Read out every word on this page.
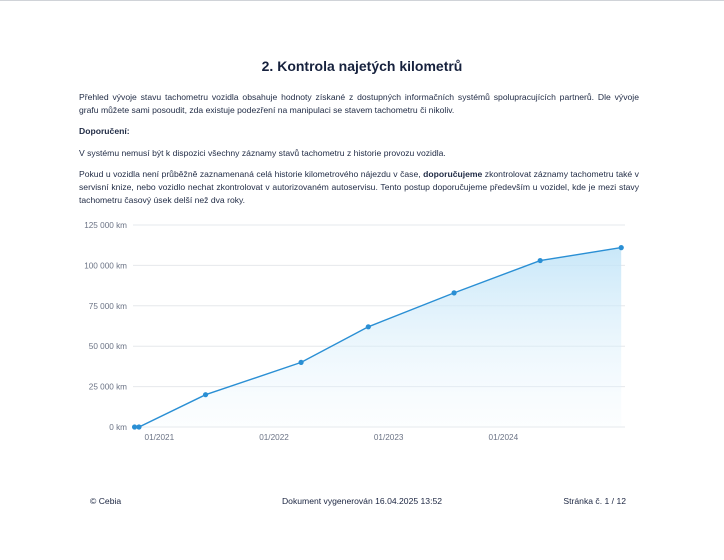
2. Kontrola najetých kilometrů
Přehled vývoje stavu tachometru vozidla obsahuje hodnoty získané z dostupných informačních systémů spolupracujících partnerů. Dle vývoje grafu můžete sami posoudit, zda existuje podezření na manipulaci se stavem tachometru či nikoliv.
Doporučení:
V systému nemusí být k dispozici všechny záznamy stavů tachometru z historie provozu vozidla.
Pokud u vozidla není průběžně zaznamenaná celá historie kilometrového nájezdu v čase, doporučujeme zkontrolovat záznamy tachometru také v servisní knize, nebo vozidlo nechat zkontrolovat v autorizovaném autoservisu. Tento postup doporučujeme především u vozidel, kde je mezi stavy tachometru časový úsek delší než dva roky.
0 km
25 000 km
50 000 km
75 000 km
100 000 km
125 000 km
01/2021	01/2022	01/2023	01/2024
© Cebia	Dokument vygenerován 16.04.2025 13:52	Stránka č. 1 / 12
